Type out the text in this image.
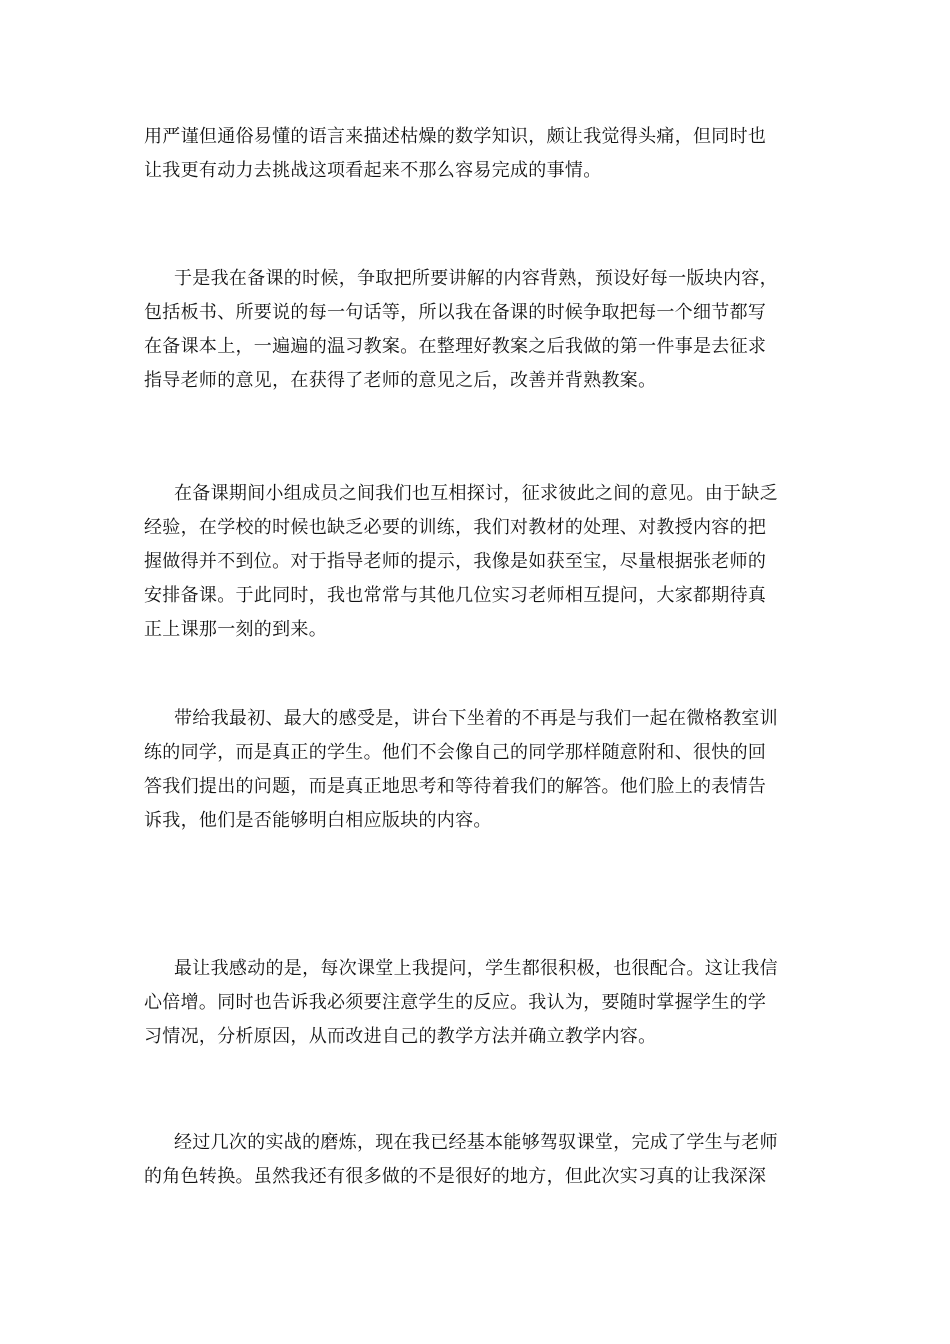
用严谨但通俗易懂的语言来描述枯燥的数学知识，颇让我觉得头痛，但同时也
让我更有动力去挑战这项看起来不那么容易完成的事情。

于是我在备课的时候，争取把所要讲解的内容背熟，预设好每一版块内容，
包括板书、所要说的每一句话等，所以我在备课的时候争取把每一个细节都写
在备课本上，一遍遍的温习教案。在整理好教案之后我做的第一件事是去征求
指导老师的意见，在获得了老师的意见之后，改善并背熟教案。

在备课期间小组成员之间我们也互相探讨，征求彼此之间的意见。由于缺乏
经验，在学校的时候也缺乏必要的训练，我们对教材的处理、对教授内容的把
握做得并不到位。对于指导老师的提示，我像是如获至宝，尽量根据张老师的
安排备课。于此同时，我也常常与其他几位实习老师相互提问，大家都期待真
正上课那一刻的到来。

带给我最初、最大的感受是，讲台下坐着的不再是与我们一起在微格教室训
练的同学，而是真正的学生。他们不会像自己的同学那样随意附和、很快的回
答我们提出的问题，而是真正地思考和等待着我们的解答。他们脸上的表情告
诉我，他们是否能够明白相应版块的内容。

最让我感动的是，每次课堂上我提问，学生都很积极，也很配合。这让我信
心倍增。同时也告诉我必须要注意学生的反应。我认为，要随时掌握学生的学
习情况，分析原因，从而改进自己的教学方法并确立教学内容。

经过几次的实战的磨炼，现在我已经基本能够驾驭课堂，完成了学生与老师
的角色转换。虽然我还有很多做的不是很好的地方，但此次实习真的让我深深
